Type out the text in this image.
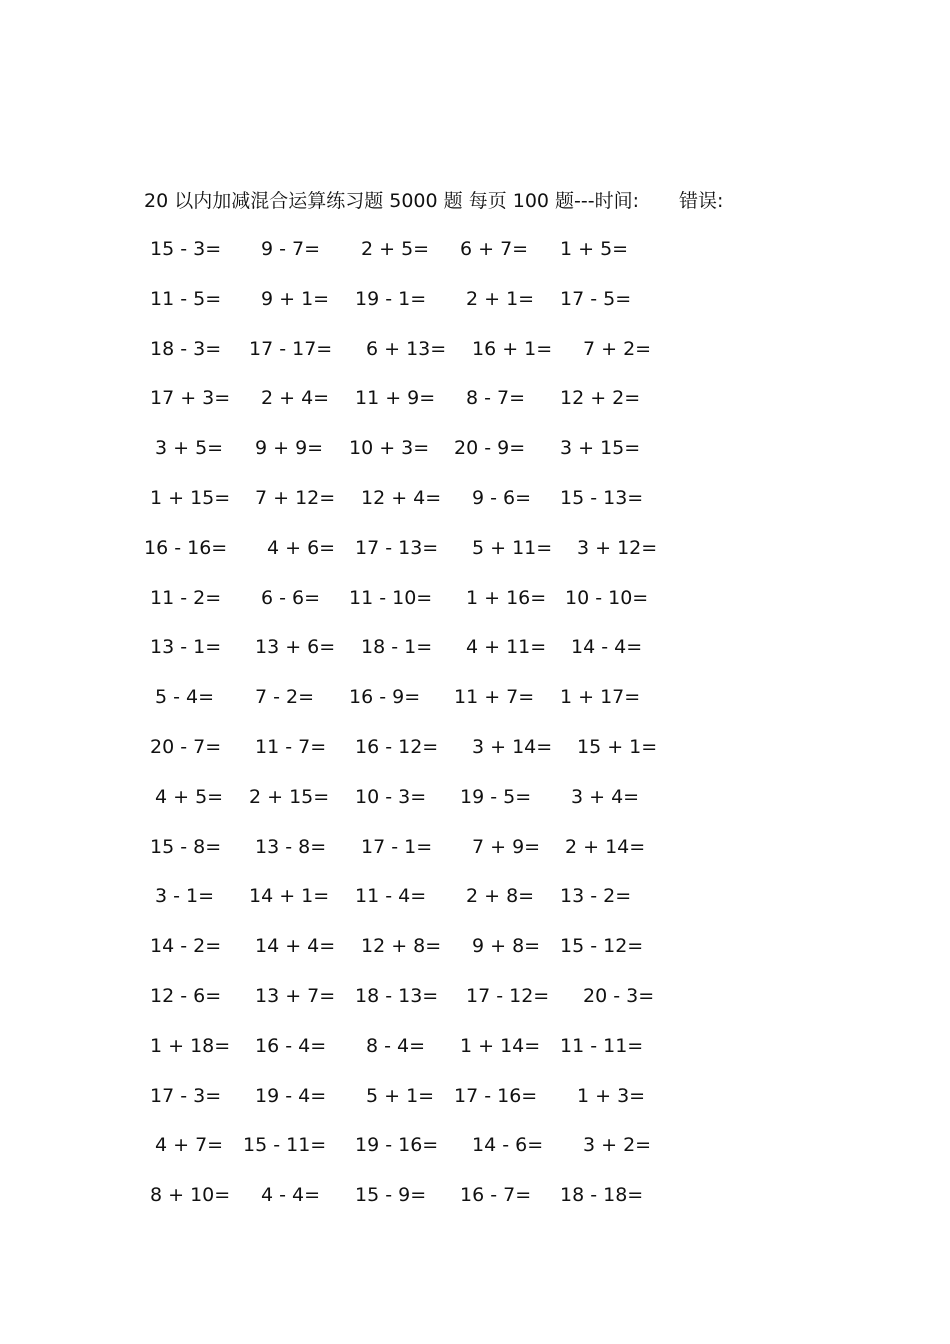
20 以内加减混合运算练习题 5000 题 每页 100 题---时间: 错误:
15 - 3= 9 - 7= 2 + 5= 6 + 7= 1 + 5=
11 - 5= 9 + 1= 19 - 1= 2 + 1= 17 - 5=
18 - 3= 17 - 17= 6 + 13= 16 + 1= 7 + 2=
17 + 3= 2 + 4= 11 + 9= 8 - 7= 12 + 2=
3 + 5= 9 + 9= 10 + 3= 20 - 9= 3 + 15=
1 + 15= 7 + 12= 12 + 4= 9 - 6= 15 - 13=
16 - 16= 4 + 6= 17 - 13= 5 + 11= 3 + 12=
11 - 2= 6 - 6= 11 - 10= 1 + 16= 10 - 10=
13 - 1= 13 + 6= 18 - 1= 4 + 11= 14 - 4=
5 - 4= 7 - 2= 16 - 9= 11 + 7= 1 + 17=
20 - 7= 11 - 7= 16 - 12= 3 + 14= 15 + 1=
4 + 5= 2 + 15= 10 - 3= 19 - 5= 3 + 4=
15 - 8= 13 - 8= 17 - 1= 7 + 9= 2 + 14=
3 - 1= 14 + 1= 11 - 4= 2 + 8= 13 - 2=
14 - 2= 14 + 4= 12 + 8= 9 + 8= 15 - 12=
12 - 6= 13 + 7= 18 - 13= 17 - 12= 20 - 3=
1 + 18= 16 - 4= 8 - 4= 1 + 14= 11 - 11=
17 - 3= 19 - 4= 5 + 1= 17 - 16= 1 + 3=
4 + 7= 15 - 11= 19 - 16= 14 - 6= 3 + 2=
8 + 10= 4 - 4= 15 - 9= 16 - 7= 18 - 18=
